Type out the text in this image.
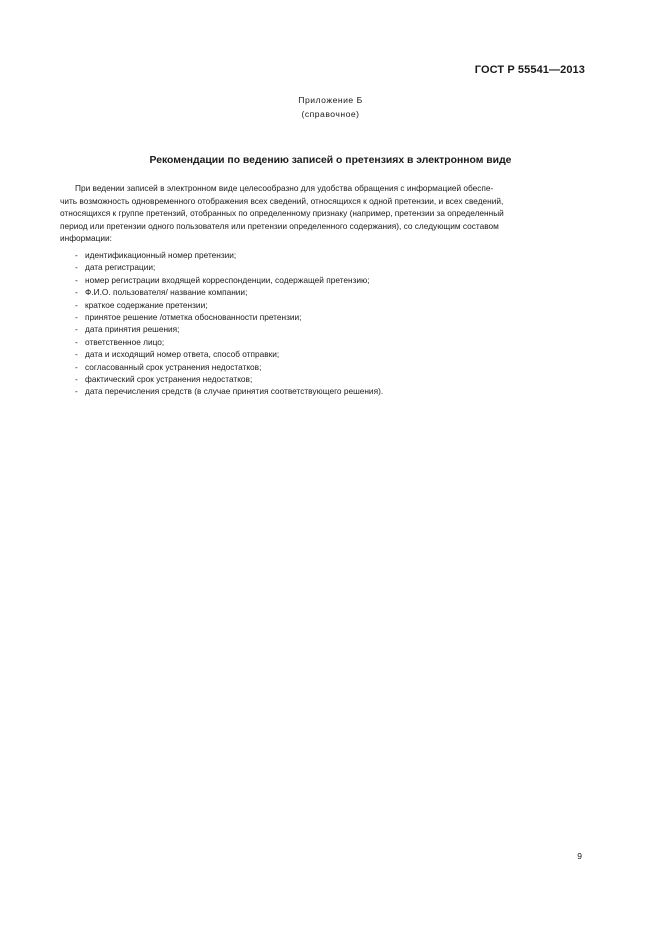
ГОСТ Р 55541—2013
Приложение Б
(справочное)
Рекомендации по ведению записей о претензиях в электронном виде
При ведении записей в электронном виде целесообразно для удобства обращения с информацией обеспе-
чить возможность одновременного отображения всех сведений, относящихся к одной претензии, и всех сведений,
относящихся к группе претензий, отобранных по определенному признаку (например, претензии за определенный
период или претензии одного пользователя или претензии определенного содержания), со следующим составом
информации:
- идентификационный номер претензии;
- дата регистрации;
- номер регистрации входящей корреспонденции, содержащей претензию;
- Ф.И.О. пользователя/ название компании;
- краткое содержание претензии;
- принятое решение /отметка обоснованности претензии;
- дата принятия решения;
- ответственное лицо;
- дата и исходящий номер ответа, способ отправки;
- согласованный срок устранения недостатков;
- фактический срок устранения недостатков;
- дата перечисления средств (в случае принятия соответствующего решения).
9
